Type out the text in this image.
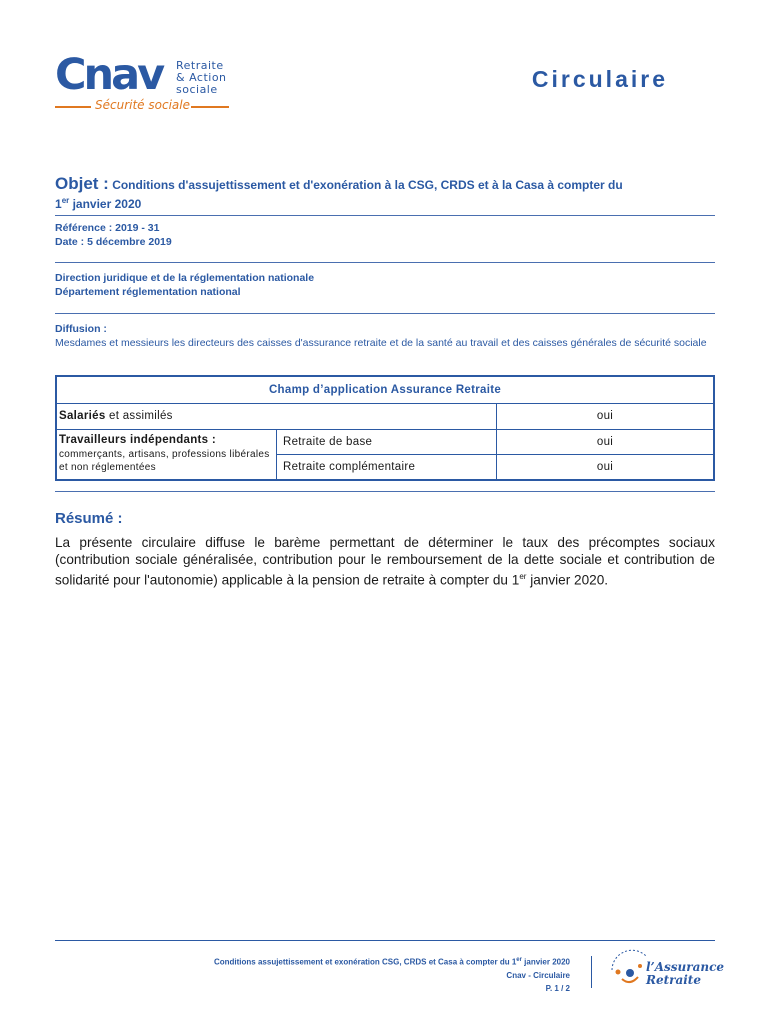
Cnav Retraite
& Action
sociale
Sécurité sociale
Circulaire
Objet : Conditions d'assujettissement et d'exonération à la CSG, CRDS et à la Casa à compter du
1er janvier 2020
Référence : 2019 - 31
Date : 5 décembre 2019
Direction juridique et de la réglementation nationale
Département réglementation national
Diffusion :
Mesdames et messieurs les directeurs des caisses d'assurance retraite et de la santé au travail et des caisses générales de sécurité sociale
Champ d’application Assurance Retraite
Salariés et assimilés	oui
Travailleurs indépendants :
commerçants, artisans, professions libérales et non réglementées
Retraite de base	oui
Retraite complémentaire	oui
Résumé :
La présente circulaire diffuse le barème permettant de déterminer le taux des précomptes sociaux (contribution sociale généralisée, contribution pour le remboursement de la dette sociale et contribution de solidarité pour l'autonomie) applicable à la pension de retraite à compter du 1er janvier 2020.
Conditions assujettissement et exonération CSG, CRDS et Casa à compter du 1er janvier 2020
Cnav - Circulaire
P. 1 / 2
l’Assurance
Retraite
